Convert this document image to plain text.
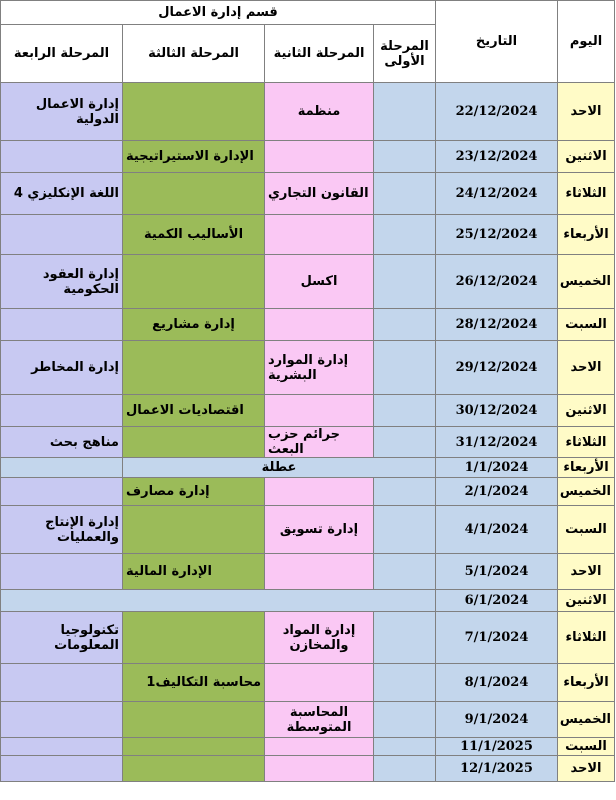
اليوم	التاريخ	قسم إدارة الاعمال			
		المرحلة الأولى	المرحلة الثانية	المرحلة الثالثة	المرحلة الرابعة
الاحد	22/12/2024		منظمة		إدارة الاعمال الدولية
الاثنين	23/12/2024			الإدارة الاستيراتيجية	
الثلاثاء	24/12/2024		القانون التجاري		اللغة الإنكليزي 4
الأربعاء	25/12/2024			الأساليب الكمية	
الخميس	26/12/2024		اكسل		إدارة العقود الحكومية
السبت	28/12/2024			إدارة مشاريع	
الاحد	29/12/2024		إدارة الموارد البشرية		إدارة المخاطر
الاثنين	30/12/2024			اقتصاديات الاعمال	
الثلاثاء	31/12/2024		جرائم حزب البعث		مناهج بحث
الأربعاء	1/1/2024	عطلة			
الخميس	2/1/2024			إدارة مصارف	
السبت	4/1/2024		إدارة تسويق		إدارة الإنتاج والعمليات
الاحد	5/1/2024			الإدارة المالية	
الاثنين	6/1/2024				
الثلاثاء	7/1/2024		إدارة المواد والمخازن		تكنولوجيا المعلومات
الأربعاء	8/1/2024			محاسبة التكاليف1	
الخميس	9/1/2024		المحاسبة المتوسطة		
السبت	11/1/2025				
الاحد	12/1/2025				
